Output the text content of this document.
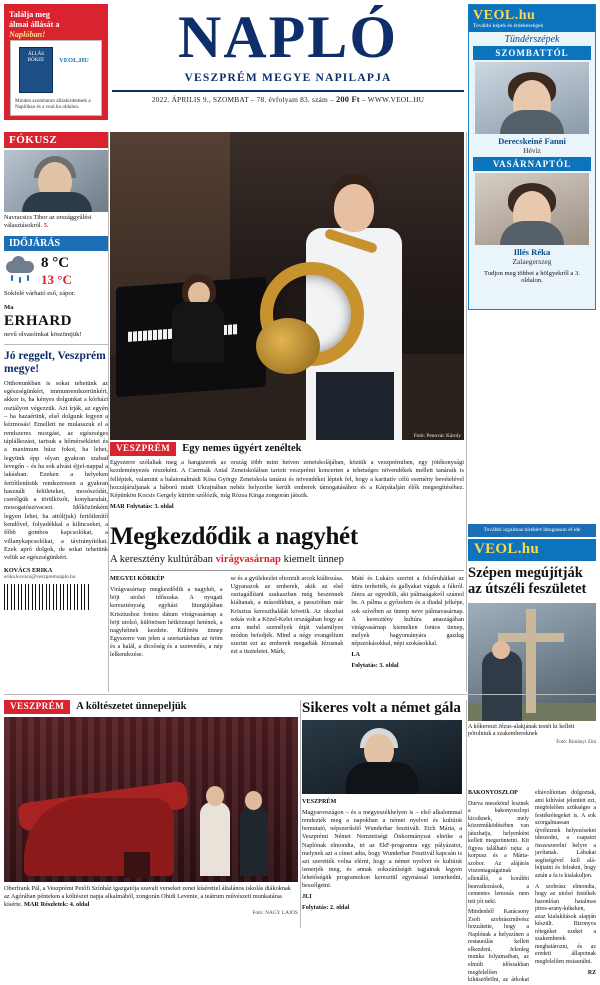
Találja meg
álmai állását a
Naplóban!
ÁLLÁS BÖRZE	VEOL.HU
Minden szombaton álláshirdetések a Naplóban és a veol.hu oldalon.
NAPLÓ
VESZPRÉM MEGYE NAPILAPJA
2022. ÁPRILIS 9., SZOMBAT – 78. évfolyam 83. szám – 200 Ft – WWW.VEOL.HU
VEOL.hu
További képek és érdekességek
Tündérszépek
SZOMBATTÓL
Derecskeiné Fanni
Hévíz
VASÁRNAPTÓL
Illés Réka
Zalaegerszeg
Tudjon meg többet a hölgyekről a 3. oldalon.
FÓKUSZ
Navracsics Tibor az országgyűlési választásokról. 5.
IDŐJÁRÁS
8 °C
13 °C
Sokfelé várható eső, zápor.
Ma
ERHARD
nevű olvasóinkat köszöntjük!
Jó reggelt, Veszprém megye!
Otthonunkban is sokat tehetünk az egészségünkért, immunrendszerünkért, akkor is, ha kényes dolgunkat a kórházi osztályon végezzük. Azt írják, az egyén – ha hazaérünk, első dolgunk legyen a kézmosás! Emellett ne mulasszuk el a rendszeres mozgást, az egészséges táplálkozást, tartsuk a hőmérsékletet és a maximum húsz fokot, ha lehet, legyünk épp olyan gyakran szabad levegőn – és ha sok alvást éjjel-nappal a lakásban. Ezeken a helyeken fertőtlenítsük rendszeresen a gyakran használt felületeket, mosószódát, cserélgük a törülközőt, konyharuhát, mosogatószivacsot. Időközönként legyen lehet, ha attól(juk) fertőtlenítő kendővel, folyadékkal a kilincseket, a főbb gombos kapcsolókat, a villanykapcsolókat, a távirányítókat. Ezek apró dolgok, de sokat tehetünk velük az egészségünkért.
KOVÁCS ERIKA
erika.kovacs@veszpremnaplo.hu
Fotó: Penovác Károly
VESZPRÉM	Egy nemes ügyért zenéltek

Egyszerre szólaltak meg a hangszerek az ország több mint hetven zeneiskolájában, köztük a veszprémiben, egy jótékonysági kezdeményezés részeként. A Csermák Antal Zeneiskolában tartott veszprémi koncerten a tehetséges növendékek mellett tanáraik is felléptek, valamint a balatonalmádi Kósa György Zeneiskola tanárai és növendékei léptek fel, hogy a karitatív célú esemény bevételével hozzájáruljanak a háború miatt Ukrajnában nehéz helyzetbe került emberek támogatásához és a Kárpátalján élők megsegítéséhez. Képünkön Kocsis Gergely kürtön szólózik, míg Rózsa Kinga zongorán játszik.

MAR Folytatás: 3. oldal
Megkezdődik a nagyhét
A keresztény kultúrában virágvasárnap kiemelt ünnep

MEGYEI KÖRKÉP

Virágvasárnap megkezdődik a nagyhét, a böjt utolsó időszaka. A nyugati kereszténység egyházi liturgiájában Krisztushoz fontos dátum virágvasárnap a böjt utolsó, különösen hétköznapi hetének, a nagyhétnek kezdete. Különös ünnep Egyszerre van jelen a szertartásban az öröm és a halál, a dicsőség és a szenvedés, a nép lelkendezése.

se és a gyülekezlet eltorzult arcok kiáltozása. Ugyanazok az emberek, akik az első osztagállítani szakaszban még beszennek kiáltanak, a másodikban, a passzióban már Krisztus kereszthalálát követik. Az okozhat sokás volt a Közel-Kelet országában hogy az arra mehő személyek útját valamilyen módon befedjék. Mind a négy evangélium szerint ezt az emberek megadták Jézusnak ezt a tiszteletet. Márk,

Máté és Lukács szerint a felsőruháikat az úttra terítették, és gallyakat vágtak a fákról. János az egyedüli, aki pálmaágakról számol be. A pálma a győzelem és a diadal jelképe, sok szívében az ünnep neve pálmavasárnap. A keresztény kultúra anaszágában virágvasárnap kiemelten fontos ünnep, melyek hagyományára gazdag népszokásokkal, népi szokásokkal.

LA

Folytatás: 3. oldal

További izgalmas hírekért látogasson el ide
VEOL.hu
Szépen megújítják az útszéli feszületet
A kőkereszt Jézus-alakjának testét ki kellett pótolniuk a szakembereknek
Fotó: Rimányi Zita
VESZPRÉM	A költészetet ünnepeljük
Oberfrank Pál, a Veszprémi Petőfi Színház igazgatója szavalt verseket zenei kísérettel általános iskolás diákoknak az Agórában pénteken a költészet napja alkalmából, zongorán Ohidi Levente, a teátrum művészeti munkatársa kísérte. MAR Részletek: 4. oldal
Fotó: NAGY LAJOS
Sikeres volt a német gála

VESZPRÉM

Magyarországon – és a megyeszékhelyen is – első alkalommal rendezték meg a napokban a német nyelvet és kultúrát bemutató, népszerűsítő Wunderbar fesztivált. Eich Mária, a Veszprémi Német Nemzetiségi Önkormányzat elnöke a Naplónak elmondta, irt az EkF-programra egy pályázatot, melynek azt a címet adta, hogy Wunderbar Fesztivál kapcsán is azt szerették volna elérni, hogy a német nyelvet és kultúrát ismerjék meg, és annak sokszínűségét tagjainak legyen lehetőségük programokon keresztül egymással ismerkedni, beszélgetni.

JLI

Folytatás: 2. oldal

BAKONYOSZLOP

Durva mesekönd lesznek a bakonyoszlopi kicsiknek, mely közreműködésében van játszhatja, helyenként kellett megszüntetni. Kit figyea található rajta: a korpusz és a Mária-szobor. Az alájárás viszontagságainak ellenálló, a korábbi beavatkozások, a cementes lemosás nem tett jót neki.

Mindenből Karácsony Zsolt szobrászművész hozzátette, hogy a Naplónak a helyszínen a restaurálás kellett elkezdeni. Jelenleg munka folyamatban, az elmúlt időszakban megfelelően kiküszöbölni, az árkokat eltávolítottan dolgoztak, ami kihívást jelentett ezt, megfelelően szükséges a festékrétegeket is. A sok szorgalmassan újvéleznek helyezéseket ideszedni, a csapatot összeszerelni helyre a javítanak. Lábukat segítségével kell alá-bújtatni és felrakni, hogy aztán a fa is kialakuljon.

A szobrász elmondta, hogy az utolsó festékek hasonlóan hatalmas piros-arany-kékeken, azaz kialakítások alapján készült. Bizonyos rétegeket ezeket a szakemberek meghatározni, és az eredeti állapotnak megfelelően restaurálni.

RZ
